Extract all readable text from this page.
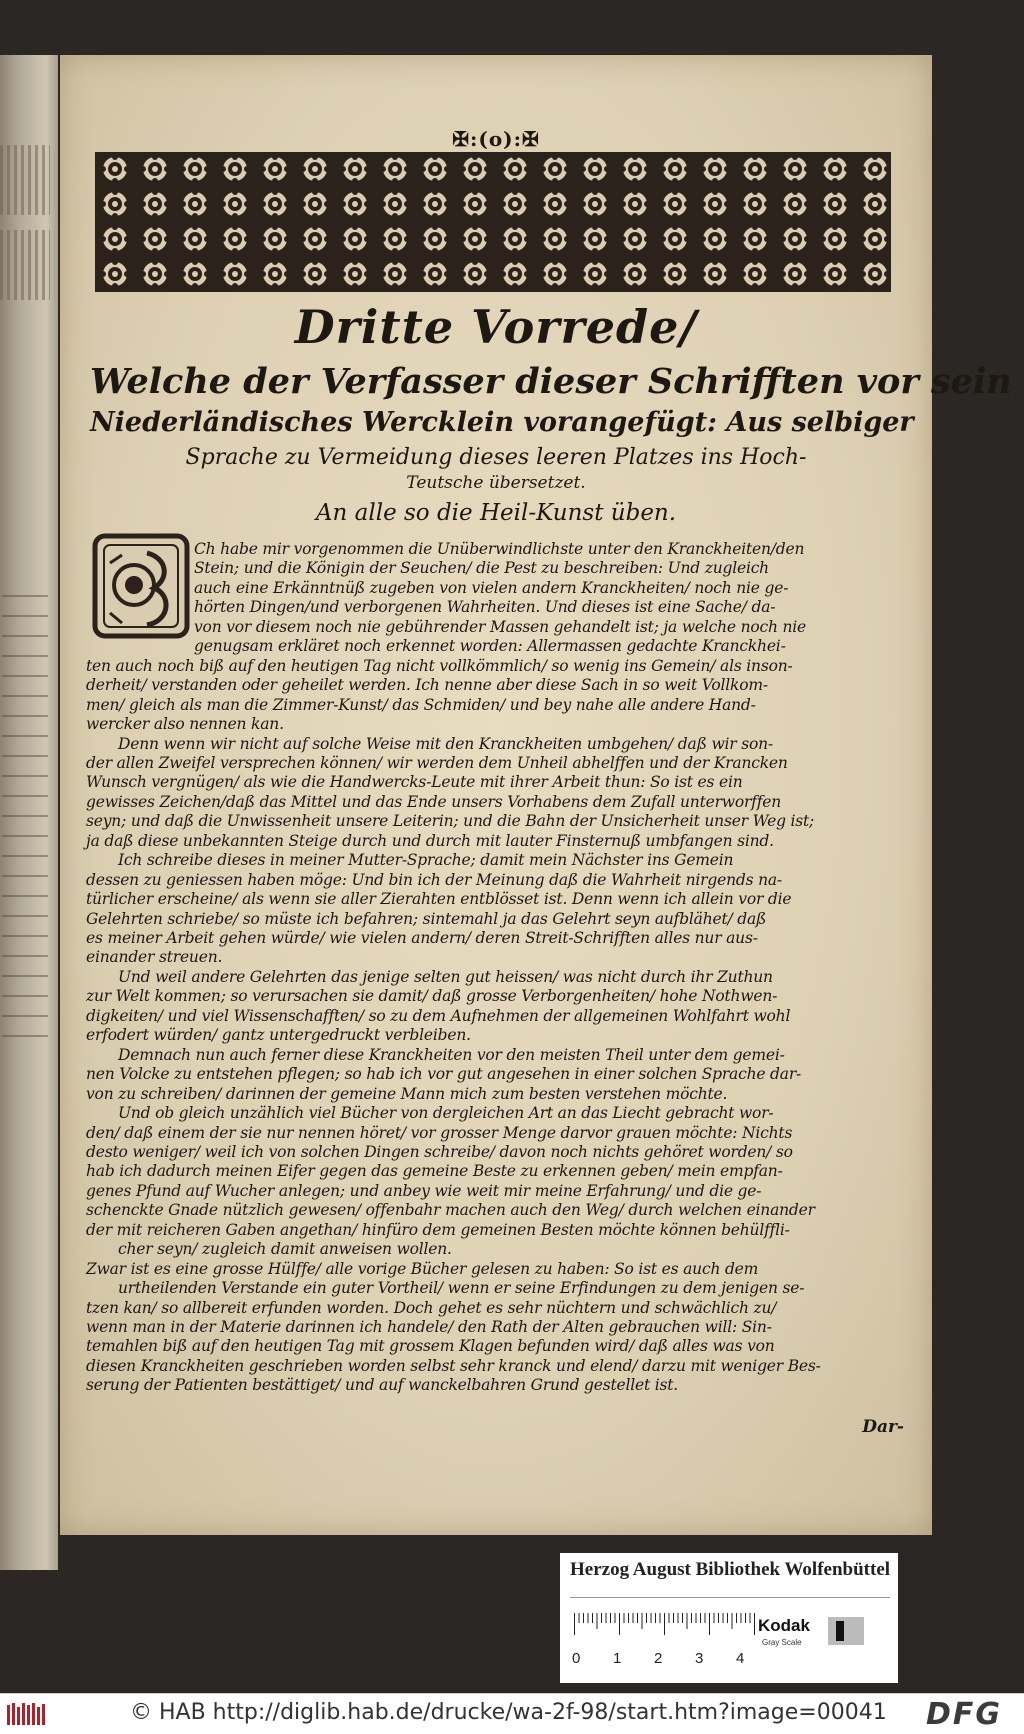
✠:(o):✠
Dritte Vorrede/
Welche der Verfasser dieser Schrifften vor sein
Niederländisches Wercklein vorangefügt: Aus selbiger
Sprache zu Vermeidung dieses leeren Platzes ins Hoch-
Teutsche übersetzet.
An alle so die Heil-Kunst üben.
Ch habe mir vorgenommen die Unüberwindlichste unter den Kranckheiten/den
Stein; und die Königin der Seuchen/ die Pest zu beschreiben: Und zugleich
auch eine Erkänntnüß zugeben von vielen andern Kranckheiten/ noch nie ge-
hörten Dingen/und verborgenen Wahrheiten. Und dieses ist eine Sache/ da-
von vor diesem noch nie gebührender Massen gehandelt ist; ja welche noch nie
genugsam erkläret noch erkennet worden: Allermassen gedachte Kranckhei-
ten auch noch biß auf den heutigen Tag nicht vollkömmlich/ so wenig ins Gemein/ als inson-
derheit/ verstanden oder geheilet werden. Ich nenne aber diese Sach in so weit Vollkom-
men/ gleich als man die Zimmer-Kunst/ das Schmiden/ und bey nahe alle andere Hand-
wercker also nennen kan.
Denn wenn wir nicht auf solche Weise mit den Kranckheiten umbgehen/ daß wir son-
der allen Zweifel versprechen können/ wir werden dem Unheil abhelffen und der Krancken
Wunsch vergnügen/ als wie die Handwercks-Leute mit ihrer Arbeit thun: So ist es ein
gewisses Zeichen/daß das Mittel und das Ende unsers Vorhabens dem Zufall unterworffen
seyn; und daß die Unwissenheit unsere Leiterin; und die Bahn der Unsicherheit unser Weg ist;
ja daß diese unbekannten Steige durch und durch mit lauter Finsternuß umbfangen sind.
Ich schreibe dieses in meiner Mutter-Sprache; damit mein Nächster ins Gemein
dessen zu geniessen haben möge: Und bin ich der Meinung daß die Wahrheit nirgends na-
türlicher erscheine/ als wenn sie aller Zierahten entblösset ist. Denn wenn ich allein vor die
Gelehrten schriebe/ so müste ich befahren; sintemahl ja das Gelehrt seyn aufblähet/ daß
es meiner Arbeit gehen würde/ wie vielen andern/ deren Streit-Schrifften alles nur aus-
einander streuen.
Und weil andere Gelehrten das jenige selten gut heissen/ was nicht durch ihr Zuthun
zur Welt kommen; so verursachen sie damit/ daß grosse Verborgenheiten/ hohe Nothwen-
digkeiten/ und viel Wissenschafften/ so zu dem Aufnehmen der allgemeinen Wohlfahrt wohl
erfodert würden/ gantz untergedruckt verbleiben.
Demnach nun auch ferner diese Kranckheiten vor den meisten Theil unter dem gemei-
nen Volcke zu entstehen pflegen; so hab ich vor gut angesehen in einer solchen Sprache dar-
von zu schreiben/ darinnen der gemeine Mann mich zum besten verstehen möchte.
Und ob gleich unzählich viel Bücher von dergleichen Art an das Liecht gebracht wor-
den/ daß einem der sie nur nennen höret/ vor grosser Menge darvor grauen möchte: Nichts
desto weniger/ weil ich von solchen Dingen schreibe/ davon noch nichts gehöret worden/ so
hab ich dadurch meinen Eifer gegen das gemeine Beste zu erkennen geben/ mein empfan-
genes Pfund auf Wucher anlegen; und anbey wie weit mir meine Erfahrung/ und die ge-
schenckte Gnade nützlich gewesen/ offenbahr machen auch den Weg/ durch welchen einander
der mit reicheren Gaben angethan/ hinfüro dem gemeinen Besten möchte können behülffli-
cher seyn/ zugleich damit anweisen wollen.
Zwar ist es eine grosse Hülffe/ alle vorige Bücher gelesen zu haben: So ist es auch dem
urtheilenden Verstande ein guter Vortheil/ wenn er seine Erfindungen zu dem jenigen se-
tzen kan/ so allbereit erfunden worden. Doch gehet es sehr nüchtern und schwächlich zu/
wenn man in der Materie darinnen ich handele/ den Rath der Alten gebrauchen will: Sin-
temahlen biß auf den heutigen Tag mit grossem Klagen befunden wird/ daß alles was von
diesen Kranckheiten geschrieben worden selbst sehr kranck und elend/ darzu mit weniger Bes-
serung der Patienten bestättiget/ und auf wanckelbahren Grund gestellet ist.
Dar-
Herzog August Bibliothek Wolfenbüttel
Kodak
Gray Scale
0 1 2 3 4
© HAB http://diglib.hab.de/drucke/wa-2f-98/start.htm?image=00041 DFG
